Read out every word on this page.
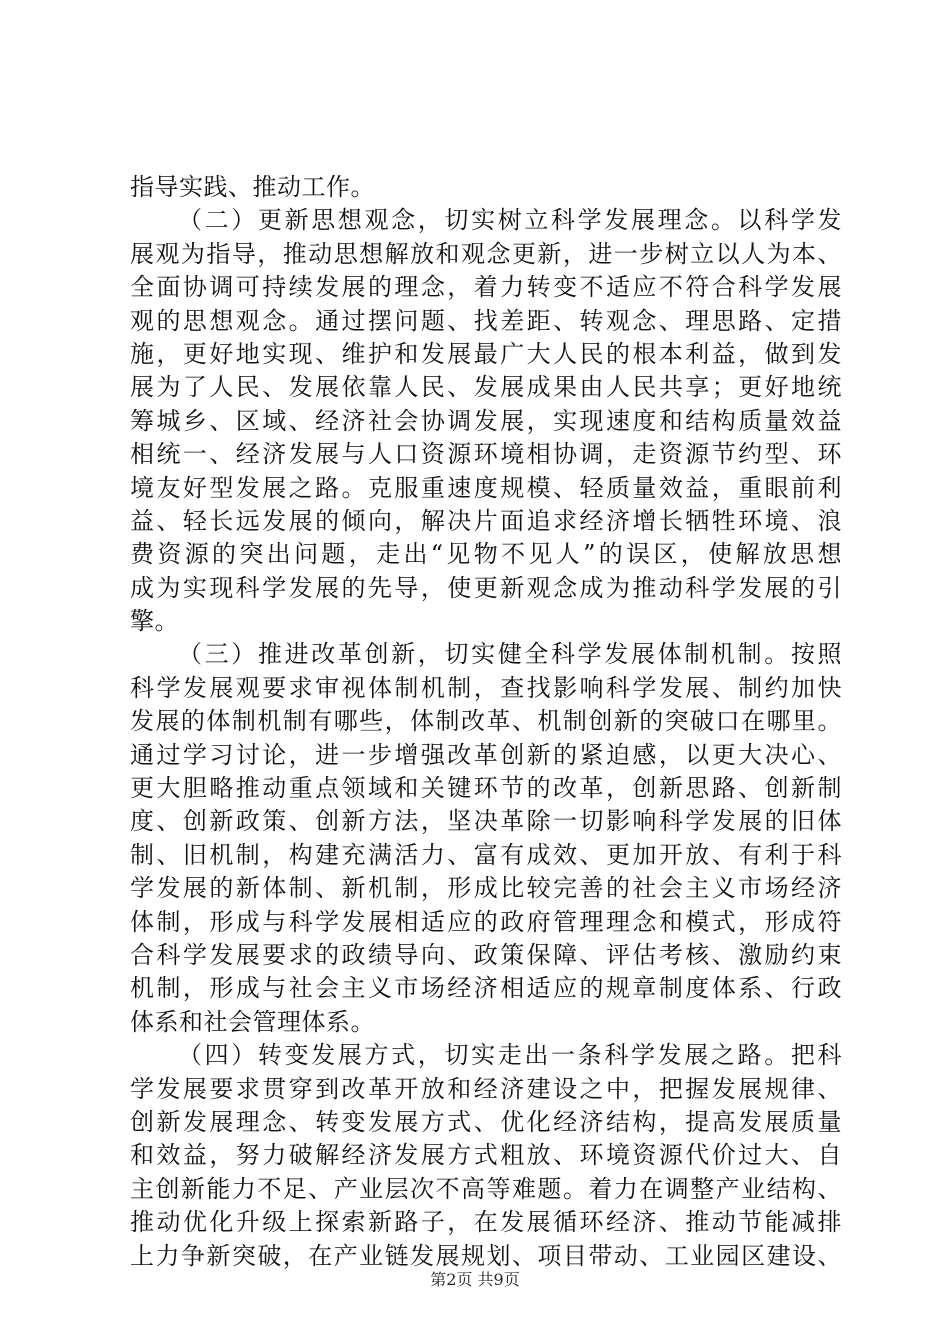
指导实践、推动工作。
（二）更新思想观念，切实树立科学发展理念。以科学发
展观为指导，推动思想解放和观念更新，进一步树立以人为本、
全面协调可持续发展的理念，着力转变不适应不符合科学发展
观的思想观念。通过摆问题、找差距、转观念、理思路、定措
施，更好地实现、维护和发展最广大人民的根本利益，做到发
展为了人民、发展依靠人民、发展成果由人民共享；更好地统
筹城乡、区域、经济社会协调发展，实现速度和结构质量效益
相统一、经济发展与人口资源环境相协调，走资源节约型、环
境友好型发展之路。克服重速度规模、轻质量效益，重眼前利
益、轻长远发展的倾向，解决片面追求经济增长牺牲环境、浪
费资源的突出问题，走出“见物不见人”的误区，使解放思想
成为实现科学发展的先导，使更新观念成为推动科学发展的引
擎。
（三）推进改革创新，切实健全科学发展体制机制。按照
科学发展观要求审视体制机制，查找影响科学发展、制约加快
发展的体制机制有哪些，体制改革、机制创新的突破口在哪里。
通过学习讨论，进一步增强改革创新的紧迫感，以更大决心、
更大胆略推动重点领域和关键环节的改革，创新思路、创新制
度、创新政策、创新方法，坚决革除一切影响科学发展的旧体
制、旧机制，构建充满活力、富有成效、更加开放、有利于科
学发展的新体制、新机制，形成比较完善的社会主义市场经济
体制，形成与科学发展相适应的政府管理理念和模式，形成符
合科学发展要求的政绩导向、政策保障、评估考核、激励约束
机制，形成与社会主义市场经济相适应的规章制度体系、行政
体系和社会管理体系。
（四）转变发展方式，切实走出一条科学发展之路。把科
学发展要求贯穿到改革开放和经济建设之中，把握发展规律、
创新发展理念、转变发展方式、优化经济结构，提高发展质量
和效益，努力破解经济发展方式粗放、环境资源代价过大、自
主创新能力不足、产业层次不高等难题。着力在调整产业结构、
推动优化升级上探索新路子，在发展循环经济、推动节能减排
上力争新突破，在产业链发展规划、项目带动、工业园区建设、
第2页 共9页
